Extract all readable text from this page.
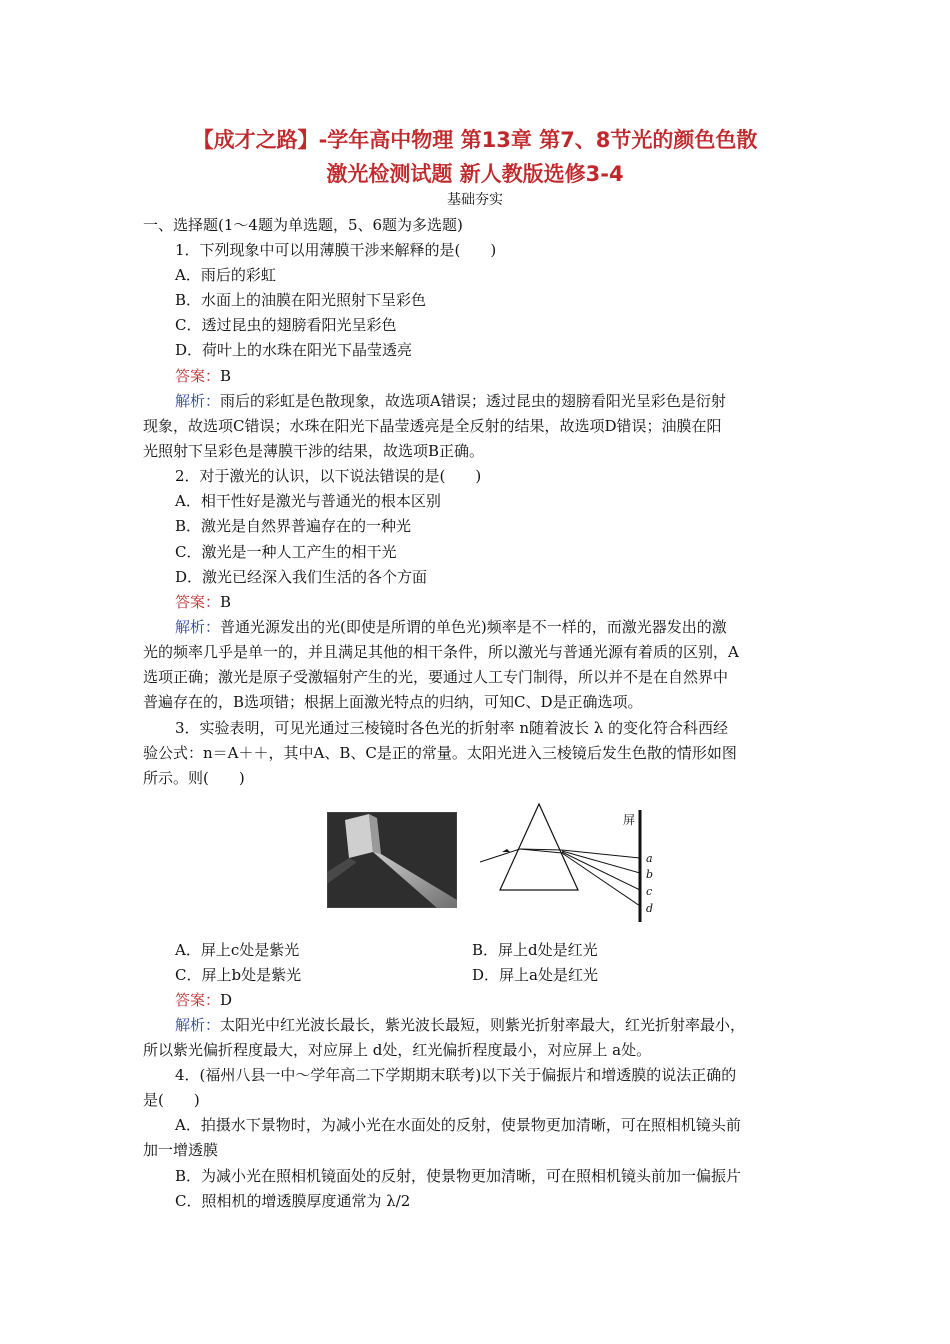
【成才之路】-学年高中物理 第13章 第7、8节光的颜色色散
激光检测试题 新人教版选修3-4
基础夯实
一、选择题(1～4题为单选题，5、6题为多选题)
1．下列现象中可以用薄膜干涉来解释的是(　　)
A．雨后的彩虹
B．水面上的油膜在阳光照射下呈彩色
C．透过昆虫的翅膀看阳光呈彩色
D．荷叶上的水珠在阳光下晶莹透亮
答案：B
解析：雨后的彩虹是色散现象，故选项A错误；透过昆虫的翅膀看阳光呈彩色是衍射
现象，故选项C错误；水珠在阳光下晶莹透亮是全反射的结果，故选项D错误；油膜在阳
光照射下呈彩色是薄膜干涉的结果，故选项B正确。
2．对于激光的认识，以下说法错误的是(　　)
A．相干性好是激光与普通光的根本区别
B．激光是自然界普遍存在的一种光
C．激光是一种人工产生的相干光
D．激光已经深入我们生活的各个方面
答案：B
解析：普通光源发出的光(即使是所谓的单色光)频率是不一样的，而激光器发出的激
光的频率几乎是单一的，并且满足其他的相干条件，所以激光与普通光源有着质的区别，A
选项正确；激光是原子受激辐射产生的光，要通过人工专门制得，所以并不是在自然界中
普遍存在的，B选项错；根据上面激光特点的归纳，可知C、D是正确选项。
3．实验表明，可见光通过三棱镜时各色光的折射率 n随着波长 λ 的变化符合科西经
验公式：n＝A＋＋，其中A、B、C是正的常量。太阳光进入三棱镜后发生色散的情形如图
所示。则(　　)
屏
a
b
c
d
A．屏上c处是紫光	B．屏上d处是红光
C．屏上b处是紫光	D．屏上a处是红光
答案：D
解析：太阳光中红光波长最长，紫光波长最短，则紫光折射率最大，红光折射率最小，
所以紫光偏折程度最大，对应屏上 d处，红光偏折程度最小，对应屏上 a处。
4．(福州八县一中～学年高二下学期期末联考)以下关于偏振片和增透膜的说法正确的
是(　　)
A．拍摄水下景物时，为减小光在水面处的反射，使景物更加清晰，可在照相机镜头前
加一增透膜
B．为减小光在照相机镜面处的反射，使景物更加清晰，可在照相机镜头前加一偏振片
C．照相机的增透膜厚度通常为 λ/2
